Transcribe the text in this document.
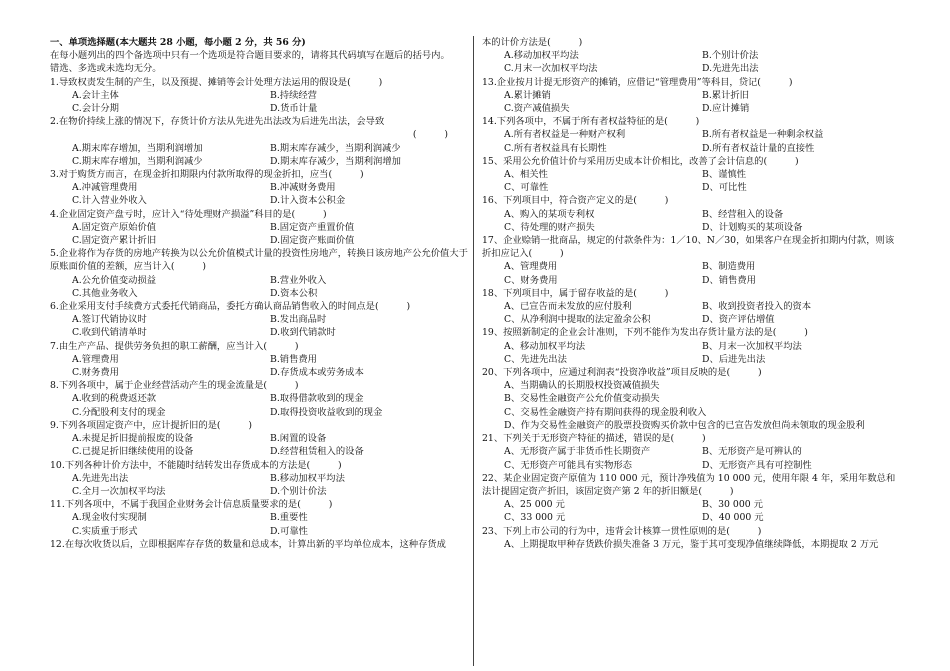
一、单项选择题(本大题共 28 小题，每小题 2 分，共 56 分)
在每小题列出的四个备选项中只有一个选项是符合题目要求的，请将其代码填写在题后的括号内。
错选、多选或未选均无分。
1.导致权责发生制的产生，以及预提、摊销等会计处理方法运用的假设是(　　　)
A.会计主体	B.持续经营
C.会计分期	D.货币计量
2.在物价持续上涨的情况下，存货计价方法从先进先出法改为后进先出法，会导致
(　　　)
A.期末库存增加，当期利润增加	B.期末库存减少，当期利润减少
C.期末库存增加，当期利润减少	D.期末库存减少，当期利润增加
3.对于购货方而言，在现金折扣期限内付款所取得的现金折扣，应当(　　　)
A.冲减管理费用	B.冲减财务费用
C.计入营业外收入	D.计入资本公积金
4.企业固定资产盘亏时，应计入“待处理财产损溢”科目的是(　　　)
A.固定资产原始价值	B.固定资产重置价值
C.固定资产累计折旧	D.固定资产账面价值
5.企业将作为存货的房地产转换为以公允价值模式计量的投资性房地产，转换日该房地产公允价值大于原账面价值的差额，应当计入(　　　)
A.公允价值变动损益	B.营业外收入
C.其他业务收入	D.资本公积
6.企业采用支付手续费方式委托代销商品，委托方确认商品销售收入的时间点是(　　　)
A.签订代销协议时	B.发出商品时
C.收到代销清单时	D.收到代销款时
7.由生产产品、提供劳务负担的职工薪酬，应当计入(　　　)
A.管理费用	B.销售费用
C.财务费用	D.存货成本或劳务成本
8.下列各项中，属于企业经营活动产生的现金流量是(　　　)
A.收到的税费返还款	B.取得借款收到的现金
C.分配股利支付的现金	D.取得投资收益收到的现金
9.下列各项固定资产中，应计提折旧的是(　　　)
A.未提足折旧提前报废的设备	B.闲置的设备
C.已提足折旧继续使用的设备	D.经营租赁租入的设备
10.下列各种计价方法中，不能随时结转发出存货成本的方法是(　　　)
A.先进先出法	B.移动加权平均法
C.全月一次加权平均法	D.个别计价法
11.下列各项中，不属于我国企业财务会计信息质量要求的是(　　　)
A.现金收付实现制	B.重要性
C.实质重于形式	D.可靠性
12.在每次收货以后，立即根据库存存货的数量和总成本，计算出新的平均单位成本，这种存货成
本的计价方法是(　　　)
A.移动加权平均法	B.个别计价法
C.月末一次加权平均法	D.先进先出法
13.企业按月计提无形资产的摊销，应借记“管理费用”等科目，贷记(　　　)
A.累计摊销	B.累计折旧
C.资产减值损失	D.应计摊销
14.下列各项中，不属于所有者权益特征的是(　　　)
A.所有者权益是一种财产权利	B.所有者权益是一种剩余权益
C.所有者权益具有长期性	D.所有者权益计量的直接性
15、采用公允价值计价与采用历史成本计价相比，改善了会计信息的(　　　)
A、相关性	B、谨慎性
C、可靠性	D、可比性
16、下列项目中，符合资产定义的是(　　　)
A、购入的某项专利权	B、经营租入的设备
C、待处理的财产损失	D、计划购买的某项设备
17、企业赊销一批商品，规定的付款条件为：1／10、N／30，如果客户在现金折扣期内付款，则该折扣应记入(　　　)
A、管理费用	B、制造费用
C、财务费用	D、销售费用
18、下列项目中，属于留存收益的是(　　　)
A、已宣告而未发放的应付股利	B、收到投资者投入的资本
C、从净利润中提取的法定盈余公积	D、资产评估增值
19、按照新制定的企业会计准则，下列不能作为发出存货计量方法的是(　　　)
A、移动加权平均法	B、月末一次加权平均法
C、先进先出法	D、后进先出法
20、下列各项中，应通过利润表“投资净收益”项目反映的是(　　　)
A、当期确认的长期股权投资减值损失
B、交易性金融资产公允价值变动损失
C、交易性金融资产持有期间获得的现金股利收入
D、作为交易性金融资产的股票投资购买价款中包含的已宣告发放但尚未领取的现金股利
21、下列关于无形资产特征的描述，错误的是(　　　)
A、无形资产属于非货币性长期资产	B、无形资产是可辨认的
C、无形资产可能具有实物形态	D、无形资产具有可控制性
22、某企业固定资产原值为 110 000 元，预计净残值为 10 000 元，使用年限 4 年，采用年数总和法计提固定资产折旧，该固定资产第 2 年的折旧额是(　　　)
A、25 000 元	B、30 000 元
C、33 000 元	D、40 000 元
23、下列上市公司的行为中，违背会计核算一贯性原则的是(　　　)
A、上期提取甲种存货跌价损失准备 3 万元，鉴于其可变现净值继续降低，本期提取 2 万元
